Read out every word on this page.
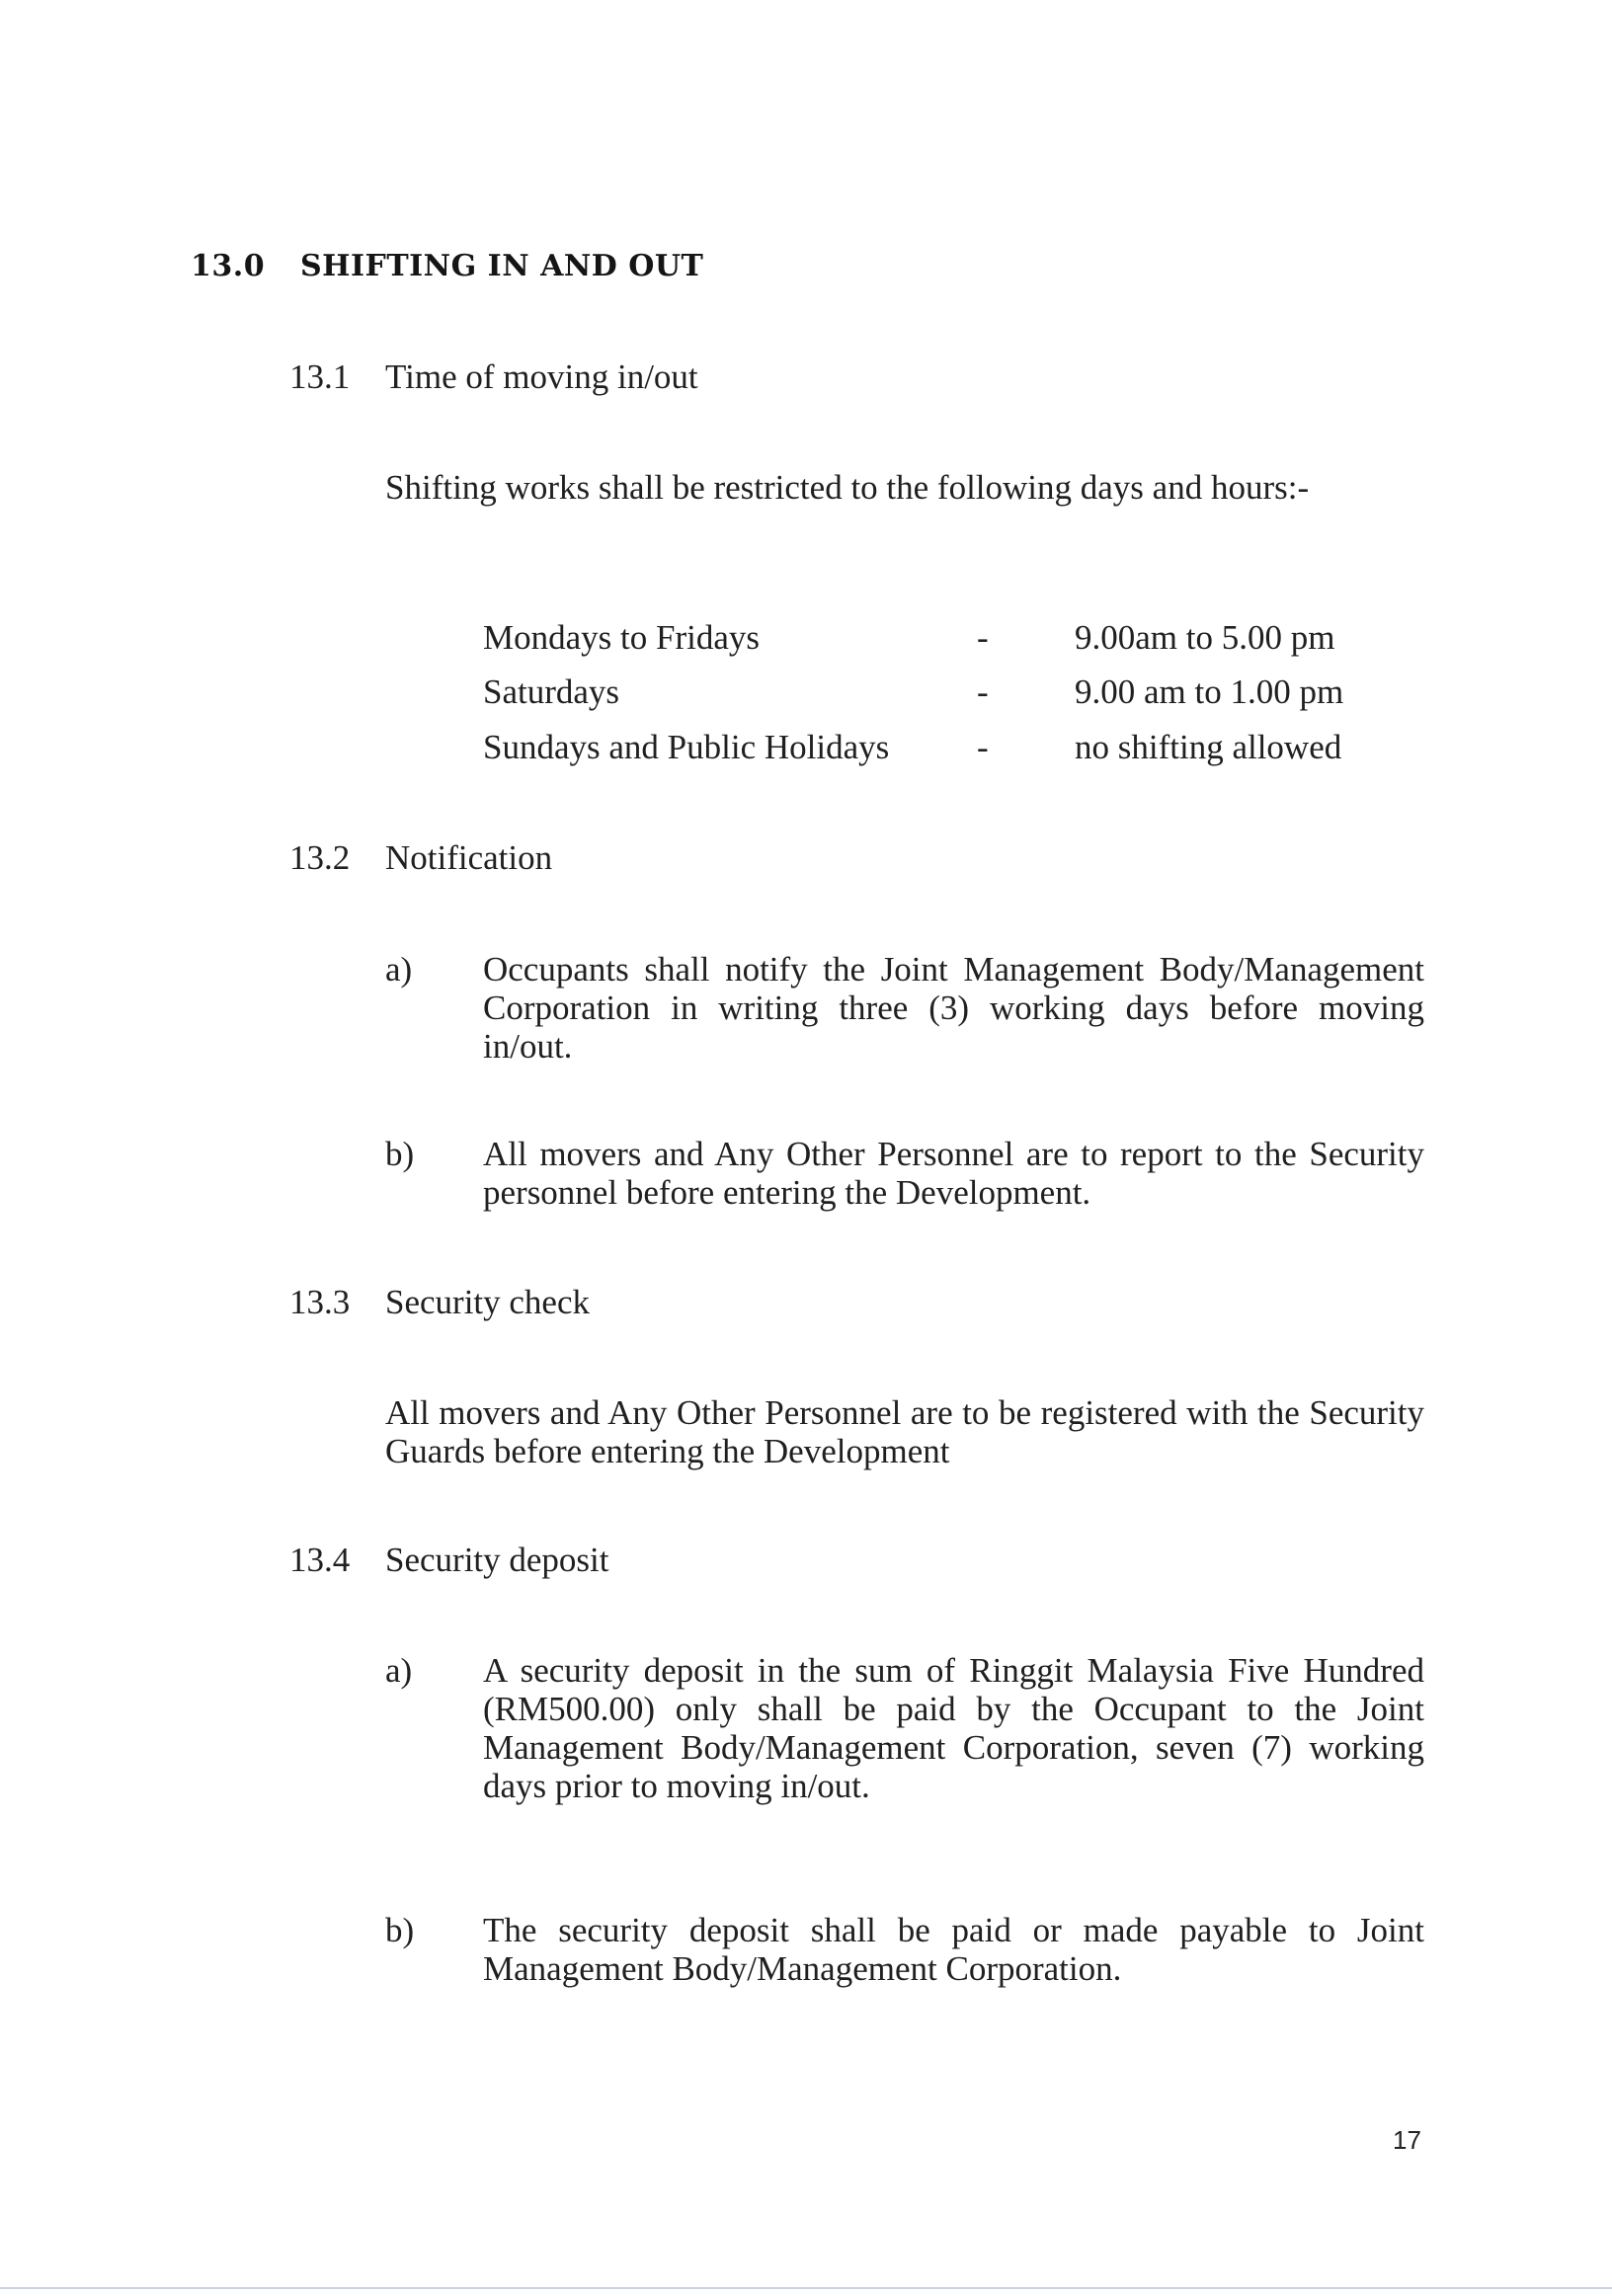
13.0 SHIFTING IN AND OUT
13.1 Time of moving in/out
Shifting works shall be restricted to the following days and hours:-
Mondays to Fridays	- 9.00am to 5.00 pm
Saturdays	- 9.00 am to 1.00 pm
Sundays and Public Holidays	- no shifting allowed
13.2 Notification
a) Occupants shall notify the Joint Management Body/Management Corporation in writing three (3) working days before moving in/out.
b) All movers and Any Other Personnel are to report to the Security personnel before entering the Development.
13.3 Security check
All movers and Any Other Personnel are to be registered with the Security Guards before entering the Development
13.4 Security deposit
a) A security deposit in the sum of Ringgit Malaysia Five Hundred (RM500.00) only shall be paid by the Occupant to the Joint Management Body/Management Corporation, seven (7) working days prior to moving in/out.
b) The security deposit shall be paid or made payable to Joint Management Body/Management Corporation.
17
